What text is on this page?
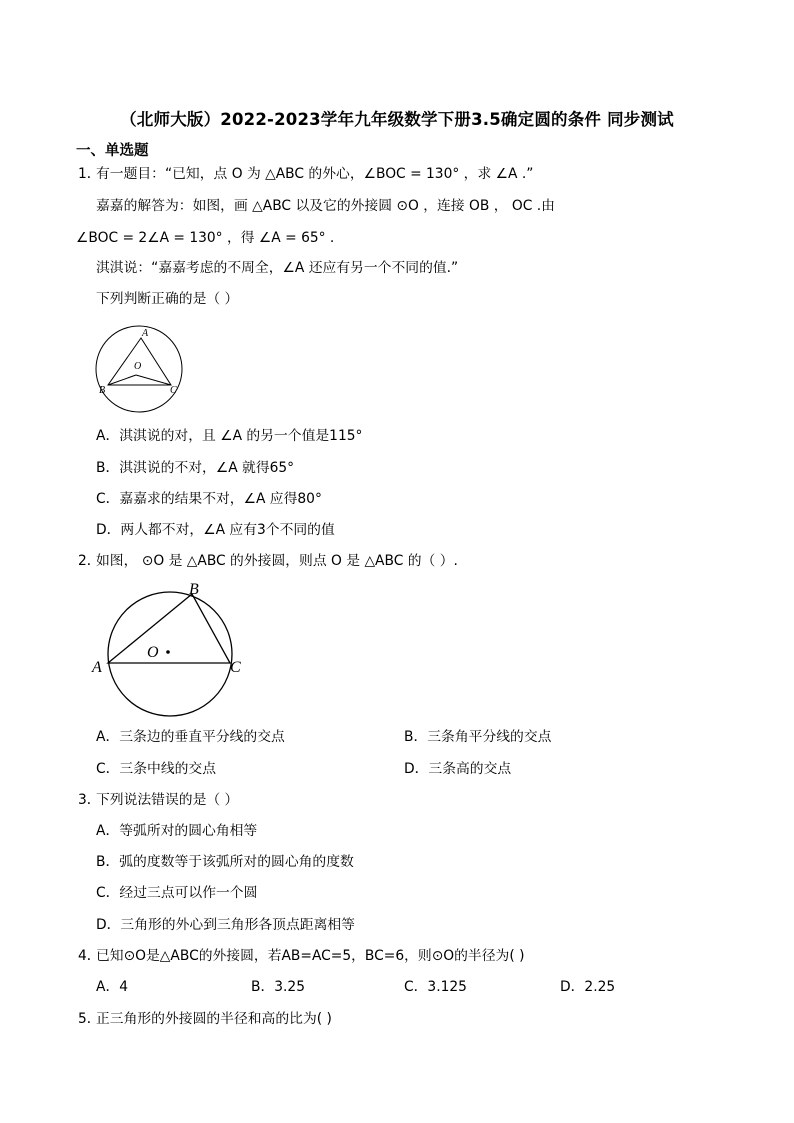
（北师大版）2022-2023学年九年级数学下册3.5确定圆的条件 同步测试
一、单选题
1．
有一题目：“已知，点 O 为 △ABC 的外心，∠BOC = 130° ，求 ∠A .”
嘉嘉的解答为：如图，画 △ABC 以及它的外接圆 ⊙O ，连接 OB ， OC .由
∠BOC = 2∠A = 130° ，得 ∠A = 65° .
淇淇说：“嘉嘉考虑的不周全，∠A 还应有另一个不同的值.”
下列判断正确的是（ ）
A
B	C
O
A．淇淇说的对，且 ∠A 的另一个值是115°
B．淇淇说的不对，∠A 就得65°
C．嘉嘉求的结果不对，∠A 应得80°
D．两人都不对，∠A 应有3个不同的值
2．
如图， ⊙O 是 △ABC 的外接圆，则点 O 是 △ABC 的（ ）.
B
A	C
O
A．三条边的垂直平分线的交点	B．三条角平分线的交点
C．三条中线的交点	D．三条高的交点
3．
下列说法错误的是（ ）
A．等弧所对的圆心角相等
B．弧的度数等于该弧所对的圆心角的度数
C．经过三点可以作一个圆
D．三角形的外心到三角形各顶点距离相等
4．
已知⊙O是△ABC的外接圆，若AB=AC=5，BC=6，则⊙O的半径为( )
A．4	B．3.25	C．3.125	D．2.25
5．
正三角形的外接圆的半径和高的比为( )
